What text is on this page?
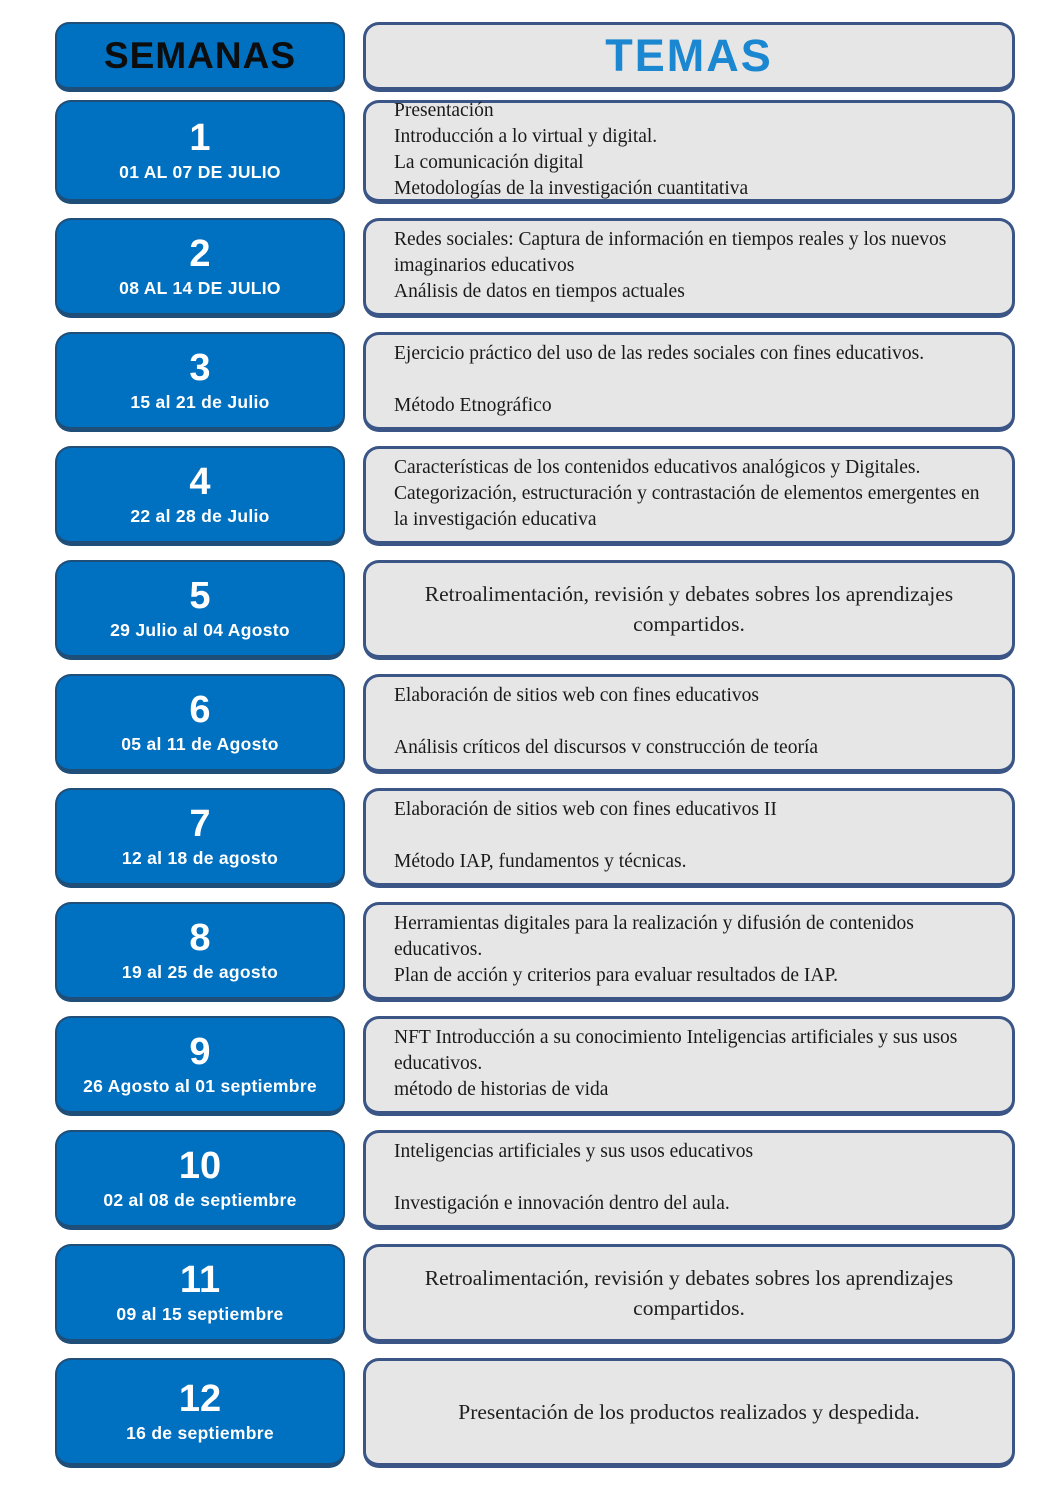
SEMANAS	TEMAS
1
01 AL 07 DE JULIO
Presentación
Introducción a lo virtual y digital.
La comunicación digital
Metodologías de la investigación cuantitativa
2
08 AL 14 DE JULIO
Redes sociales: Captura de información en tiempos reales y los nuevos imaginarios educativos
Análisis de datos en tiempos actuales
3
15 al 21 de Julio
Ejercicio práctico del uso de las redes sociales con fines educativos.
Método Etnográfico
4
22 al 28 de Julio
Características de los contenidos educativos analógicos y Digitales.
Categorización, estructuración y contrastación de elementos emergentes en la investigación educativa
5
29 Julio al 04 Agosto
Retroalimentación, revisión y debates sobres los aprendizajes compartidos.
6
05 al 11 de Agosto
Elaboración de sitios web con fines educativos
Análisis críticos del discursos v construcción de teoría
7
12 al 18 de agosto
Elaboración de sitios web con fines educativos II
Método IAP, fundamentos y técnicas.
8
19 al 25 de agosto
Herramientas digitales para la realización y difusión de contenidos educativos.
Plan de acción y criterios para evaluar resultados de IAP.
9
26 Agosto al 01 septiembre
NFT Introducción a su conocimiento Inteligencias artificiales y sus usos educativos.
método de historias de vida
10
02 al 08 de septiembre
Inteligencias artificiales y sus usos educativos
Investigación e innovación dentro del aula.
11
09 al 15 septiembre
Retroalimentación, revisión y debates sobres los aprendizajes compartidos.
12
16 de septiembre
Presentación de los productos realizados y despedida.
